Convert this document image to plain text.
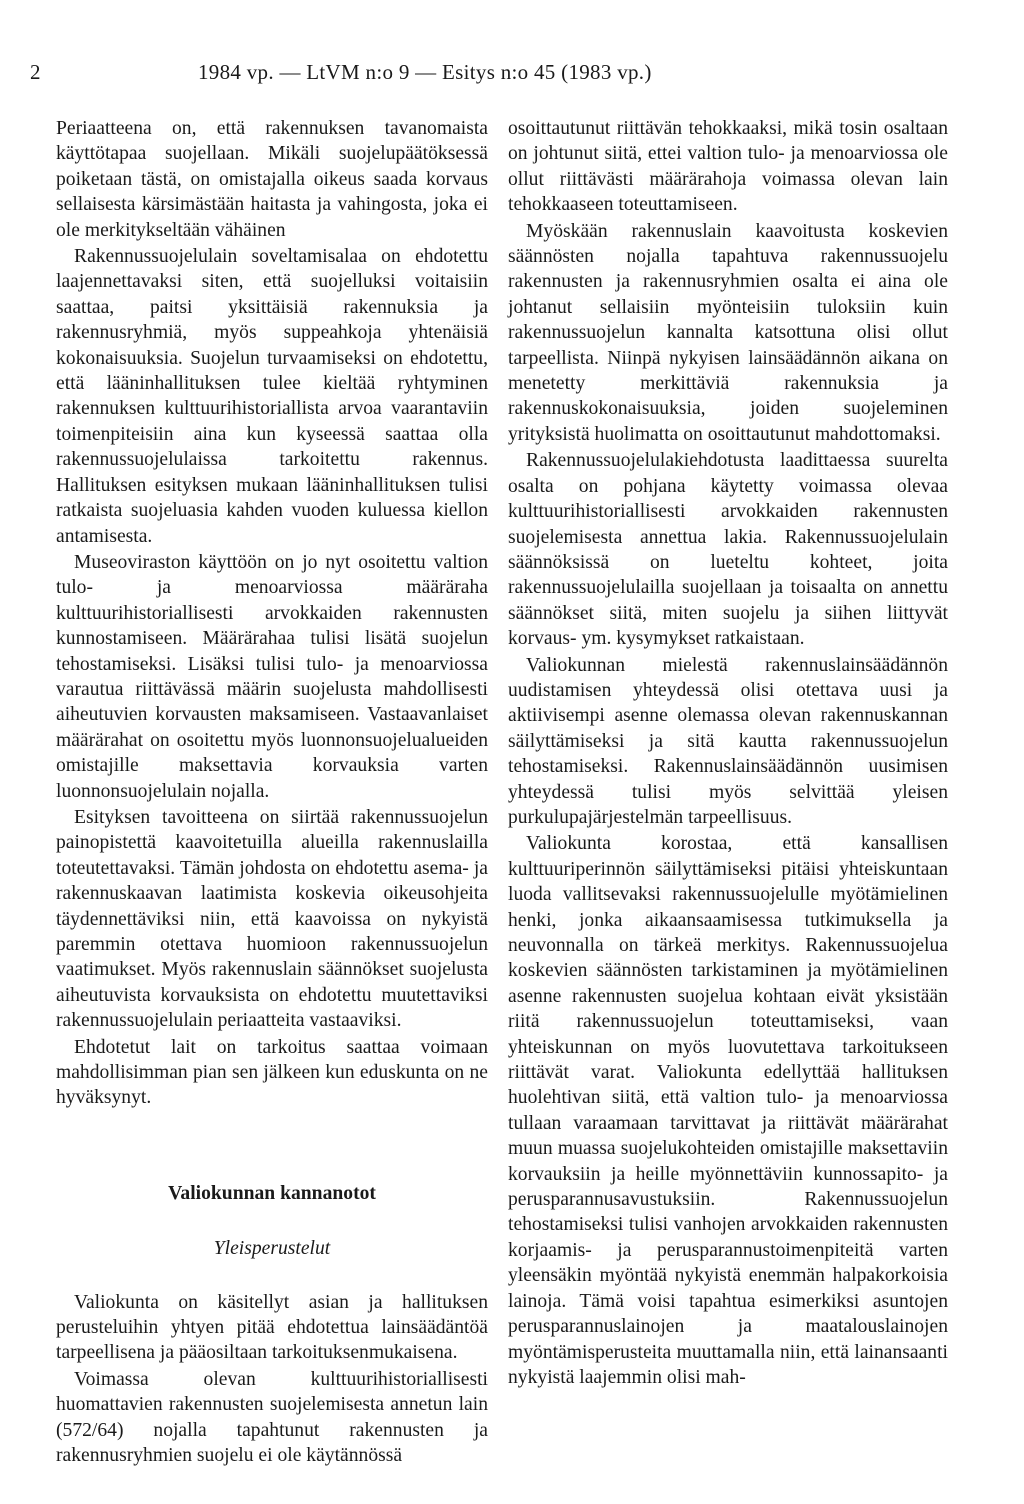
2	1984 vp. — LtVM n:o 9 — Esitys n:o 45 (1983 vp.)

Periaatteena on, että rakennuksen tavanomaista käyttötapaa suojellaan. Mikäli suojelupäätöksessä poiketaan tästä, on omistajalla oikeus saada korvaus sellaisesta kärsimästään haitasta ja vahingosta, joka ei ole merkitykseltään vähäinen

Rakennussuojelulain soveltamisalaa on ehdotettu laajennettavaksi siten, että suojelluksi voitaisiin saattaa, paitsi yksittäisiä rakennuksia ja rakennusryhmiä, myös suppeahkoja yhtenäisiä kokonaisuuksia. Suojelun turvaamiseksi on ehdotettu, että lääninhallituksen tulee kieltää ryhtyminen rakennuksen kulttuurihistoriallista arvoa vaarantaviin toimenpiteisiin aina kun kyseessä saattaa olla rakennussuojelulaissa tarkoitettu rakennus. Hallituksen esityksen mukaan lääninhallituksen tulisi ratkaista suojeluasia kahden vuoden kuluessa kiellon antamisesta.

Museoviraston käyttöön on jo nyt osoitettu valtion tulo- ja menoarviossa määräraha kulttuurihistoriallisesti arvokkaiden rakennusten kunnostamiseen. Määrärahaa tulisi lisätä suojelun tehostamiseksi. Lisäksi tulisi tulo- ja menoarviossa varautua riittävässä määrin suojelusta mahdollisesti aiheutuvien korvausten maksamiseen. Vastaavanlaiset määrärahat on osoitettu myös luonnonsuojelualueiden omistajille maksettavia korvauksia varten luonnonsuojelulain nojalla.

Esityksen tavoitteena on siirtää rakennussuojelun painopistettä kaavoitetuilla alueilla rakennuslailla toteutettavaksi. Tämän johdosta on ehdotettu asema- ja rakennuskaavan laatimista koskevia oikeusohjeita täydennettäviksi niin, että kaavoissa on nykyistä paremmin otettava huomioon rakennussuojelun vaatimukset. Myös rakennuslain säännökset suojelusta aiheutuvista korvauksista on ehdotettu muutettaviksi rakennussuojelulain periaatteita vastaaviksi.

Ehdotetut lait on tarkoitus saattaa voimaan mahdollisimman pian sen jälkeen kun eduskunta on ne hyväksynyt.

Valiokunnan kannanotot

Yleisperustelut

Valiokunta on käsitellyt asian ja hallituksen perusteluihin yhtyen pitää ehdotettua lainsäädäntöä tarpeellisena ja pääosiltaan tarkoituksenmukaisena.

Voimassa olevan kulttuurihistoriallisesti huomattavien rakennusten suojelemisesta annetun lain (572/64) nojalla tapahtunut rakennusten ja rakennusryhmien suojelu ei ole käytännössä

osoittautunut riittävän tehokkaaksi, mikä tosin osaltaan on johtunut siitä, ettei valtion tulo- ja menoarviossa ole ollut riittävästi määrärahoja voimassa olevan lain tehokkaaseen toteuttamiseen.

Myöskään rakennuslain kaavoitusta koskevien säännösten nojalla tapahtuva rakennussuojelu rakennusten ja rakennusryhmien osalta ei aina ole johtanut sellaisiin myönteisiin tuloksiin kuin rakennussuojelun kannalta katsottuna olisi ollut tarpeellista. Niinpä nykyisen lainsäädännön aikana on menetetty merkittäviä rakennuksia ja rakennuskokonaisuuksia, joiden suojeleminen yrityksistä huolimatta on osoittautunut mahdottomaksi.

Rakennussuojelulakiehdotusta laadittaessa suurelta osalta on pohjana käytetty voimassa olevaa kulttuurihistoriallisesti arvokkaiden rakennusten suojelemisesta annettua lakia. Rakennussuojelulain säännöksissä on lueteltu kohteet, joita rakennussuojelulailla suojellaan ja toisaalta on annettu säännökset siitä, miten suojelu ja siihen liittyvät korvaus- ym. kysymykset ratkaistaan.

Valiokunnan mielestä rakennuslainsäädännön uudistamisen yhteydessä olisi otettava uusi ja aktiivisempi asenne olemassa olevan rakennuskannan säilyttämiseksi ja sitä kautta rakennussuojelun tehostamiseksi. Rakennuslainsäädännön uusimisen yhteydessä tulisi myös selvittää yleisen purkulupajärjestelmän tarpeellisuus.

Valiokunta korostaa, että kansallisen kulttuuriperinnön säilyttämiseksi pitäisi yhteiskuntaan luoda vallitsevaksi rakennussuojelulle myötämielinen henki, jonka aikaansaamisessa tutkimuksella ja neuvonnalla on tärkeä merkitys. Rakennussuojelua koskevien säännösten tarkistaminen ja myötämielinen asenne rakennusten suojelua kohtaan eivät yksistään riitä rakennussuojelun toteuttamiseksi, vaan yhteiskunnan on myös luovutettava tarkoitukseen riittävät varat. Valiokunta edellyttää hallituksen huolehtivan siitä, että valtion tulo- ja menoarviossa tullaan varaamaan tarvittavat ja riittävät määrärahat muun muassa suojelukohteiden omistajille maksettaviin korvauksiin ja heille myönnettäviin kunnossapito- ja perusparannusavustuksiin. Rakennussuojelun tehostamiseksi tulisi vanhojen arvokkaiden rakennusten korjaamis- ja perusparannustoimenpiteitä varten yleensäkin myöntää nykyistä enemmän halpakorkoisia lainoja. Tämä voisi tapahtua esimerkiksi asuntojen perusparannuslainojen ja maatalouslainojen myöntämisperusteita muuttamalla niin, että lainansaanti nykyistä laajemmin olisi mah-
